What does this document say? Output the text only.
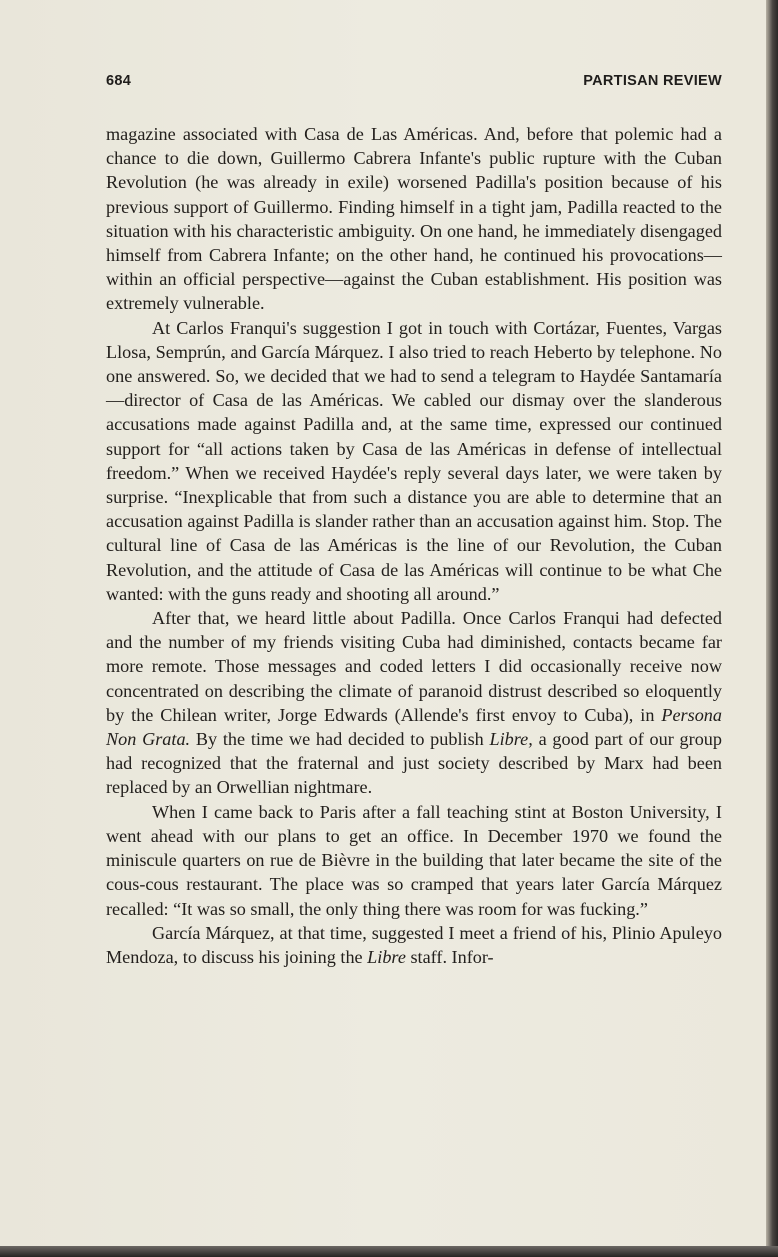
684	PARTISAN REVIEW

magazine associated with Casa de Las Américas. And, before that polemic had a chance to die down, Guillermo Cabrera Infante's public rupture with the Cuban Revolution (he was already in exile) worsened Padilla's position because of his previous support of Guillermo. Finding himself in a tight jam, Padilla reacted to the situation with his characteristic ambiguity. On one hand, he immediately disengaged himself from Cabrera Infante; on the other hand, he continued his provocations—within an official perspective—against the Cuban establishment. His position was extremely vulnerable.

At Carlos Franqui's suggestion I got in touch with Cortázar, Fuentes, Vargas Llosa, Semprún, and García Márquez. I also tried to reach Heberto by telephone. No one answered. So, we decided that we had to send a telegram to Haydée Santamaría—director of Casa de las Américas. We cabled our dismay over the slanderous accusations made against Padilla and, at the same time, expressed our continued support for “all actions taken by Casa de las Américas in defense of intellectual freedom.” When we received Haydée's reply several days later, we were taken by surprise. “Inexplicable that from such a distance you are able to determine that an accusation against Padilla is slander rather than an accusation against him. Stop. The cultural line of Casa de las Américas is the line of our Revolution, the Cuban Revolution, and the attitude of Casa de las Américas will continue to be what Che wanted: with the guns ready and shooting all around.”

After that, we heard little about Padilla. Once Carlos Franqui had defected and the number of my friends visiting Cuba had diminished, contacts became far more remote. Those messages and coded letters I did occasionally receive now concentrated on describing the climate of paranoid distrust described so eloquently by the Chilean writer, Jorge Edwards (Allende's first envoy to Cuba), in Persona Non Grata. By the time we had decided to publish Libre, a good part of our group had recognized that the fraternal and just society described by Marx had been replaced by an Orwellian nightmare.

When I came back to Paris after a fall teaching stint at Boston University, I went ahead with our plans to get an office. In December 1970 we found the miniscule quarters on rue de Bièvre in the building that later became the site of the cous-cous restaurant. The place was so cramped that years later García Márquez recalled: “It was so small, the only thing there was room for was fucking.”

García Márquez, at that time, suggested I meet a friend of his, Plinio Apuleyo Mendoza, to discuss his joining the Libre staff. Infor-
